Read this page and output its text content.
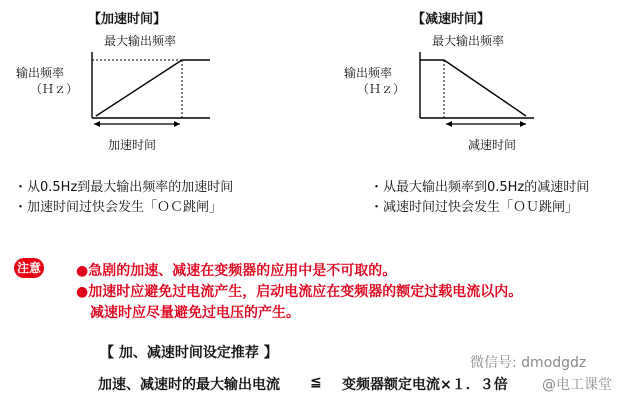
【加速时间】
最大输出频率
输出频率
（Ｈｚ）
加速时间
【减速时间】
最大输出频率
输出频率
（Ｈｚ）
减速时间
・从0.5Hz到最大输出频率的加速时间
・加速时间过快会发生「ＯＣ跳闸」
・从最大输出频率到0.5Hz的减速时间
・减速时间过快会发生「ＯＵ跳闸」
注意	●急剧的加速、减速在变频器的应用中是不可取的。
●加速时应避免过电流产生，启动电流应在变频器的额定过载电流以内。
　减速时应尽量避免过电压的产生。
【 加、减速时间设定推荐 】
加速、减速时的最大输出电流 ≦ 变频器额定电流×１．３倍
微信号: dmodgdz
@电工课堂
